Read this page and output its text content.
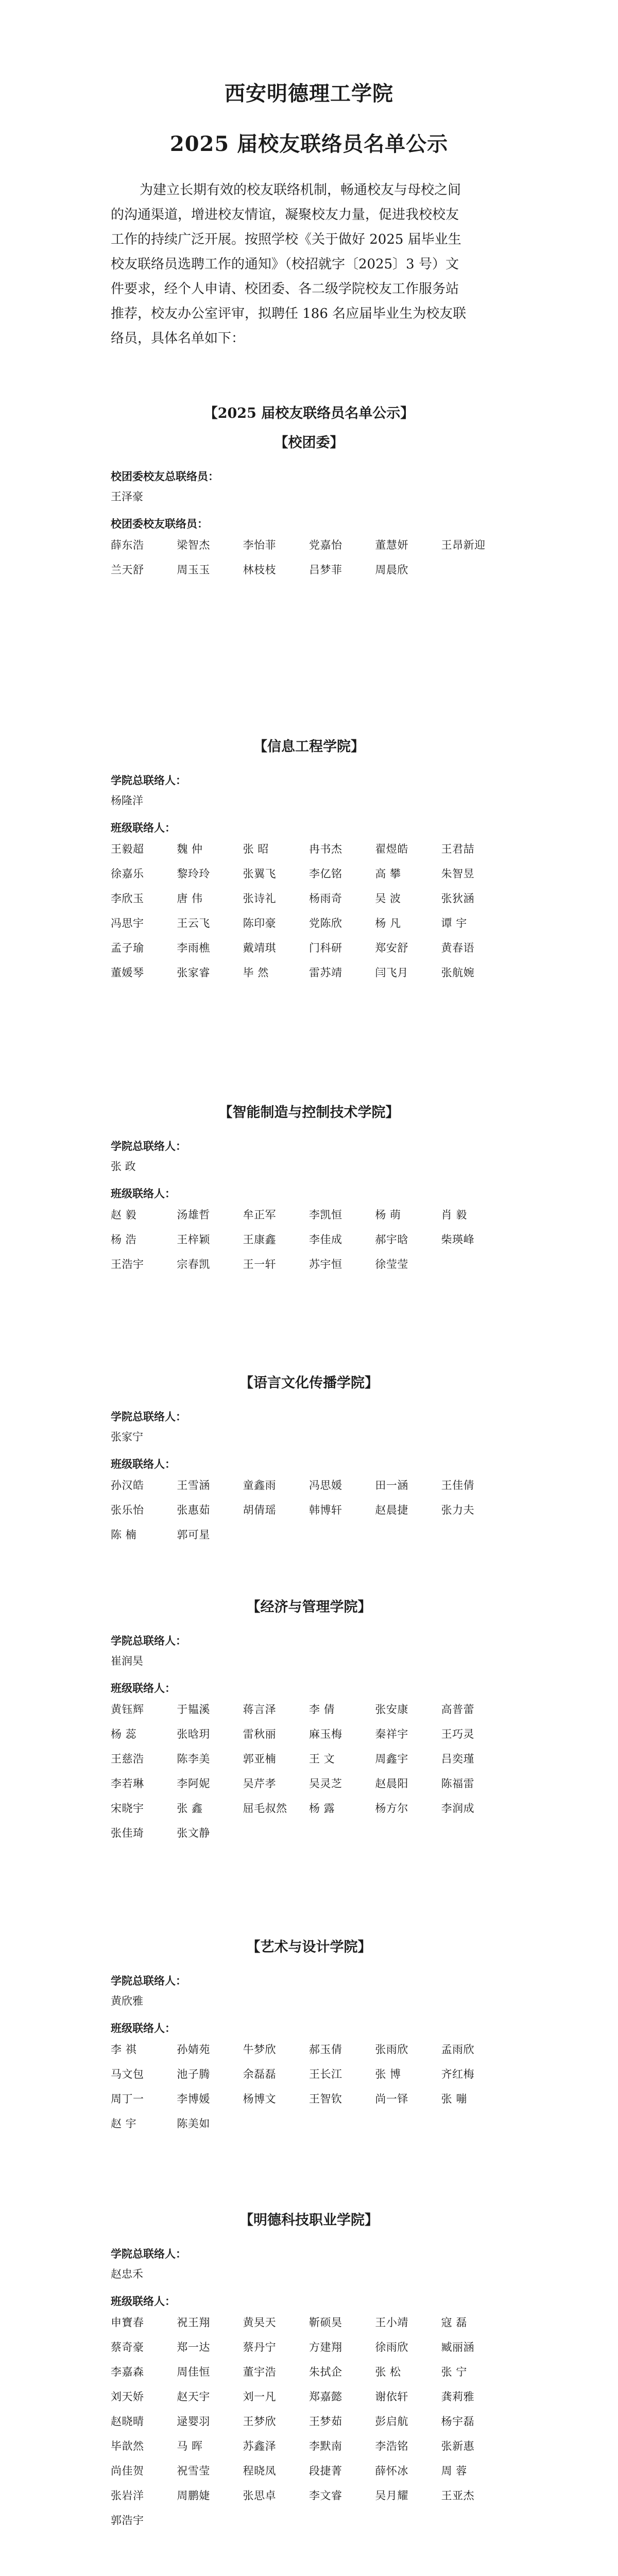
西安明德理工学院
2025 届校友联络员名单公示
为建立长期有效的校友联络机制，畅通校友与母校之间
的沟通渠道，增进校友情谊，凝聚校友力量，促进我校校友
工作的持续广泛开展。按照学校《关于做好 2025 届毕业生
校友联络员选聘工作的通知》（校招就字〔2025〕3 号）文
件要求，经个人申请、校团委、各二级学院校友工作服务站
推荐，校友办公室评审，拟聘任 186 名应届毕业生为校友联
络员，具体名单如下：
【2025 届校友联络员名单公示】
【校团委】
校团委校友总联络员：
王泽豪
校团委校友联络员：
薛东浩	梁智杰	李怡菲	党嘉怡	董慧妍	王昂新迎
兰天舒	周玉玉	林枝枝	吕梦菲	周晨欣
【信息工程学院】
学院总联络人：
杨隆洋
班级联络人：
王毅超	魏 仲	张 昭	冉书杰	翟煜皓	王君喆
徐嘉乐	黎玲玲	张翼飞	李亿铭	高 攀	朱智昱
李欣玉	唐 伟	张诗礼	杨雨奇	吴 波	张狄涵
冯思宇	王云飞	陈印豪	党陈欣	杨 凡	谭 宇
孟子瑜	李雨樵	戴靖琪	门科研	郑安舒	黄春语
董媛琴	张家睿	毕 然	雷苏靖	闫飞月	张航婉
【智能制造与控制技术学院】
学院总联络人：
张 政
班级联络人：
赵 毅	汤雄哲	牟正军	李凯恒	杨 萌	肖 毅
杨 浩	王梓颖	王康鑫	李佳成	郝宇晗	柴瑛峰
王浩宇	宗春凯	王一轩	苏宇恒	徐莹莹
【语言文化传播学院】
学院总联络人：
张家宁
班级联络人：
孙汉皓	王雪涵	童鑫雨	冯思媛	田一涵	王佳倩
张乐怡	张惠茹	胡倩瑶	韩博轩	赵晨捷	张力夫
陈 楠	郭可星
【经济与管理学院】
学院总联络人：
崔润昊
班级联络人：
黄钰辉	于韫溪	蒋言泽	李 倩	张安康	高普蕾
杨 蕊	张晗玥	雷秋丽	麻玉梅	秦祥宇	王巧灵
王慈浩	陈李美	郭亚楠	王 文	周鑫宇	吕奕瑾
李若琳	李阿妮	吴芹孝	吴灵芝	赵晨阳	陈福雷
宋晓宇	张 鑫	屈毛叔然	杨 露	杨方尔	李润成
张佳琦	张文静
【艺术与设计学院】
学院总联络人：
黄欣雅
班级联络人：
李 祺	孙婧苑	牛梦欣	郝玉倩	张雨欣	孟雨欣
马文包	池子腾	余磊磊	王长江	张 博	齐红梅
周丁一	李博媛	杨博文	王智钦	尚一铎	张 嘣
赵 宇	陈美如
【明德科技职业学院】
学院总联络人：
赵忠禾
班级联络人：
申寶春	祝王翔	黄旲天	靳硕昊	王小靖	寇 磊
蔡奇豪	郑一达	蔡丹宁	方建翔	徐雨欣	臧丽涵
李嘉森	周佳恒	董宇浩	朱拭企	张 松	张 宁
刘天娇	赵天宇	刘一凡	郑嘉懿	谢依轩	龚莉雅
赵晓晴	逯婴羽	王梦欣	王梦茹	彭启航	杨宇磊
毕歆然	马 晖	苏鑫泽	李默南	李浩铭	张新惠
尚佳贺	祝雪莹	程晓凤	段捷菁	薛怀冰	周 蓉
张岩洋	周鹏婕	张思卓	李文睿	吴月耀	王亚杰
郭浩宇
